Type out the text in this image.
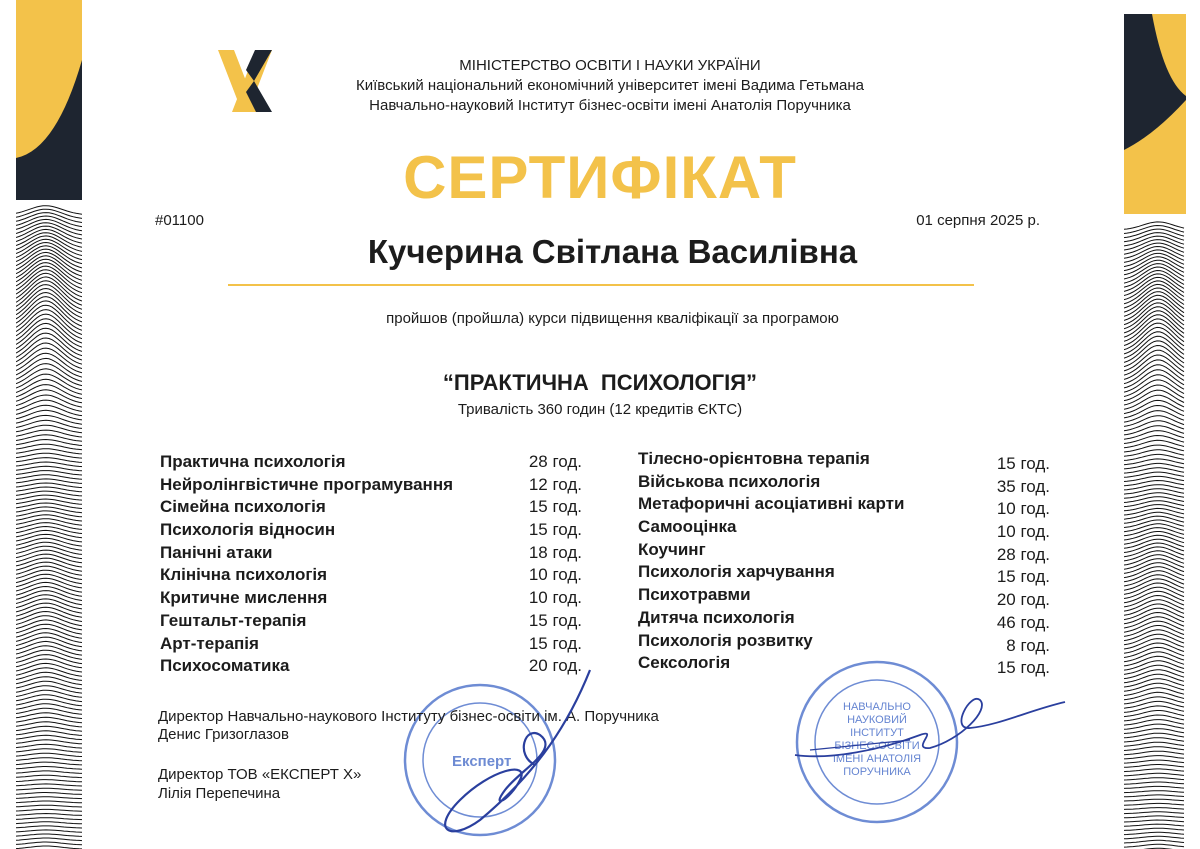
МІНІСТЕРСТВО ОСВІТИ І НАУКИ УКРАЇНИ
Київський національний економічний університет імені Вадима Гетьмана
Навчально-науковий Інститут бізнес-освіти імені Анатолія Поручника
СЕРТИФІКАТ
#01100	01 серпня 2025 р.
Кучерина Світлана Василівна
пройшов (пройшла) курси підвищення кваліфікації за програмою
“ПРАКТИЧНА ПСИХОЛОГІЯ”
Тривалість 360 годин (12 кредитів ЄКТС)
Практична психологія	28 год.
Нейролінгвістичне програмування	12 год.
Сімейна психологія	15 год.
Психологія відносин	15 год.
Панічні атаки	18 год.
Клінічна психологія	10 год.
Критичне мислення	10 год.
Гештальт-терапія	15 год.
Арт-терапія	15 год.
Психосоматика	20 год.
Тілесно-орієнтовна терапія	15 год.
Військова психологія	35 год.
Метафоричні асоціативні карти	10 год.
Самооцінка	10 год.
Коучинг	28 год.
Психологія харчування	15 год.
Психотравми	20 год.
Дитяча психологія	46 год.
Психологія розвитку	8 год.
Сексологія	15 год.
Експерт
НАВЧАЛЬНО
НАУКОВИЙ
ІНСТИТУТ
БІЗНЕС-ОСВІТИ
ІМЕНІ АНАТОЛІЯ
ПОРУЧНИКА
Директор Навчально-наукового Інституту бізнес-освіти ім. А. Поручника
Денис Гризоглазов
Директор ТОВ «ЕКСПЕРТ Х»
Лілія Перепечина
